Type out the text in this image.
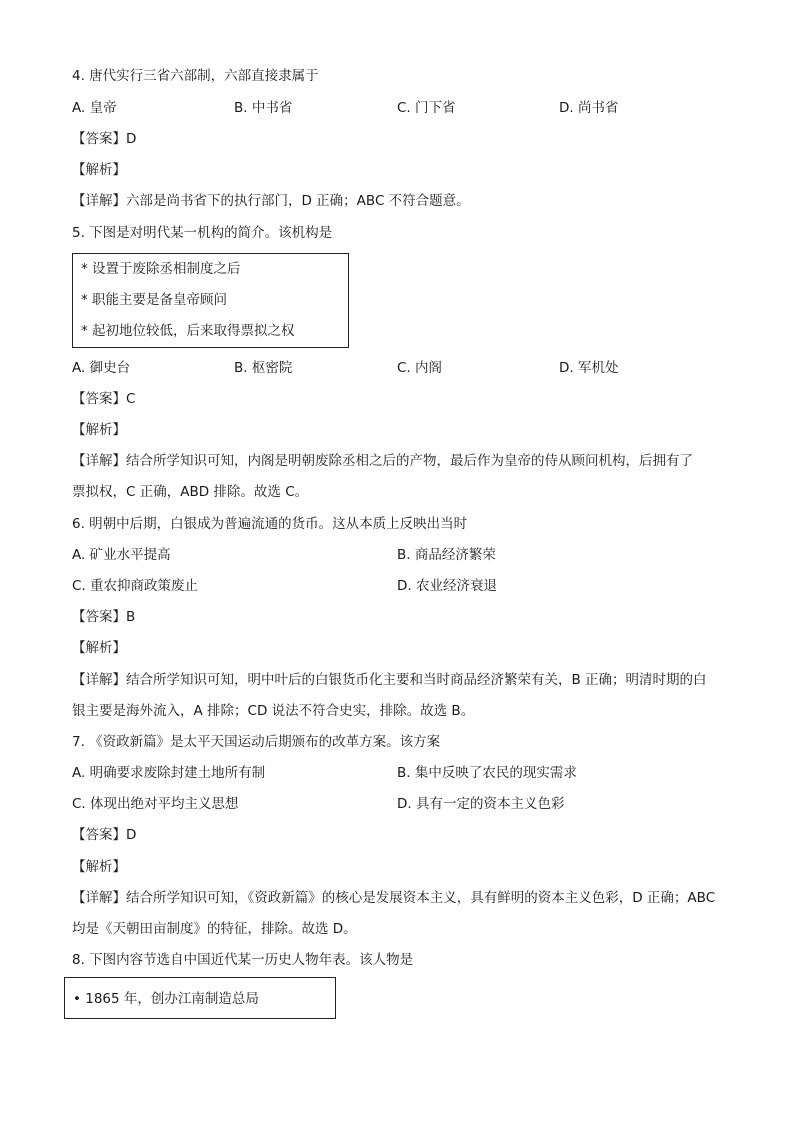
4. 唐代实行三省六部制，六部直接隶属于
A. 皇帝	B. 中书省	C. 门下省	D. 尚书省
【答案】D
【解析】
【详解】六部是尚书省下的执行部门，D 正确；ABC 不符合题意。
5. 下图是对明代某一机构的简介。该机构是
* 设置于废除丞相制度之后
* 职能主要是备皇帝顾问
* 起初地位较低，后来取得票拟之权
A. 御史台	B. 枢密院	C. 内阁	D. 军机处
【答案】C
【解析】
【详解】结合所学知识可知，内阁是明朝废除丞相之后的产物，最后作为皇帝的侍从顾问机构，后拥有了
票拟权，C 正确，ABD 排除。故选 C。
6. 明朝中后期，白银成为普遍流通的货币。这从本质上反映出当时
A. 矿业水平提高	B. 商品经济繁荣
C. 重农抑商政策废止	D. 农业经济衰退
【答案】B
【解析】
【详解】结合所学知识可知，明中叶后的白银货币化主要和当时商品经济繁荣有关，B 正确；明清时期的白
银主要是海外流入，A 排除；CD 说法不符合史实，排除。故选 B。
7. 《资政新篇》是太平天国运动后期颁布的改革方案。该方案
A. 明确要求废除封建土地所有制	B. 集中反映了农民的现实需求
C. 体现出绝对平均主义思想	D. 具有一定的资本主义色彩
【答案】D
【解析】
【详解】结合所学知识可知，《资政新篇》的核心是发展资本主义，具有鲜明的资本主义色彩，D 正确；ABC
均是《天朝田亩制度》的特征，排除。故选 D。
8. 下图内容节选自中国近代某一历史人物年表。该人物是
• 1865 年，创办江南制造总局
